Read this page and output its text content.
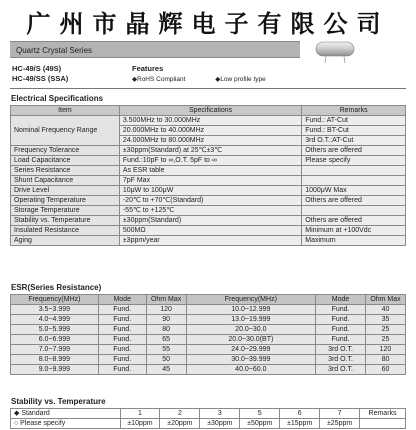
广州市晶辉电子有限公司
Quartz Crystal Series
HC-49/S (49S)
HC-49/SS (SSA)
Features
◆RoHS Compliant	◆Low profile type
Electrical Specifications
Item	Specifications	Remarks
Nominal Frequency Range	3.500MHz to 30.000MHz	Fund.: AT-Cut
	20.000MHz to 40.000MHz	Fund.: BT-Cut
	24.000MHz to 80.000MHz	3rd O.T.:AT-Cut
Frequency Tolerance	±30ppm(Standard) at 25℃±3℃	Others are offered
Load Capacitance	Fund.:10pF to ∞,O.T. 5pF to ∞	Please specify
Series Resistance	As ESR table	
Shunt Capacitance	7pF Max	
Drive Level	10μW to 100μW	1000μW Max
Operating Temperature	-20℃ to +70℃(Standard)	Others are offered
Storage Temperature	-55℃ to +125℃	
Stability vs. Temperature	±30ppm(Standard)	Others are offered
Insulated Resistance	500MΩ	Minimum at +100Vdc
Aging	±3ppm/year	Maximum
ESR(Series Resistance)
Frequency(MHz)	Mode	Ohm Max	Frequency(MHz)	Mode	Ohm Max
3.5~3.999	Fund.	120	10.0~12.999	Fund.	40
4.0~4.999	Fund.	90	13.0~19.999	Fund.	35
5.0~5.999	Fund.	80	20.0~30.0	Fund.	25
6.0~6.999	Fund.	65	20.0~30.0(BT)	Fund.	25
7.0~7.999	Fund.	55	24.0~29.999	3rd O.T.	120
8.0~8.999	Fund.	50	30.0~39.999	3rd O.T.	80
9.0~9.999	Fund.	45	40.0~60.0	3rd O.T.	60
Stability vs. Temperature
◆ Standard	1	2	3	5	6	7	Remarks
○ Please specify	±10ppm	±20ppm	±30ppm	±50ppm	±15ppm	±25ppm	
